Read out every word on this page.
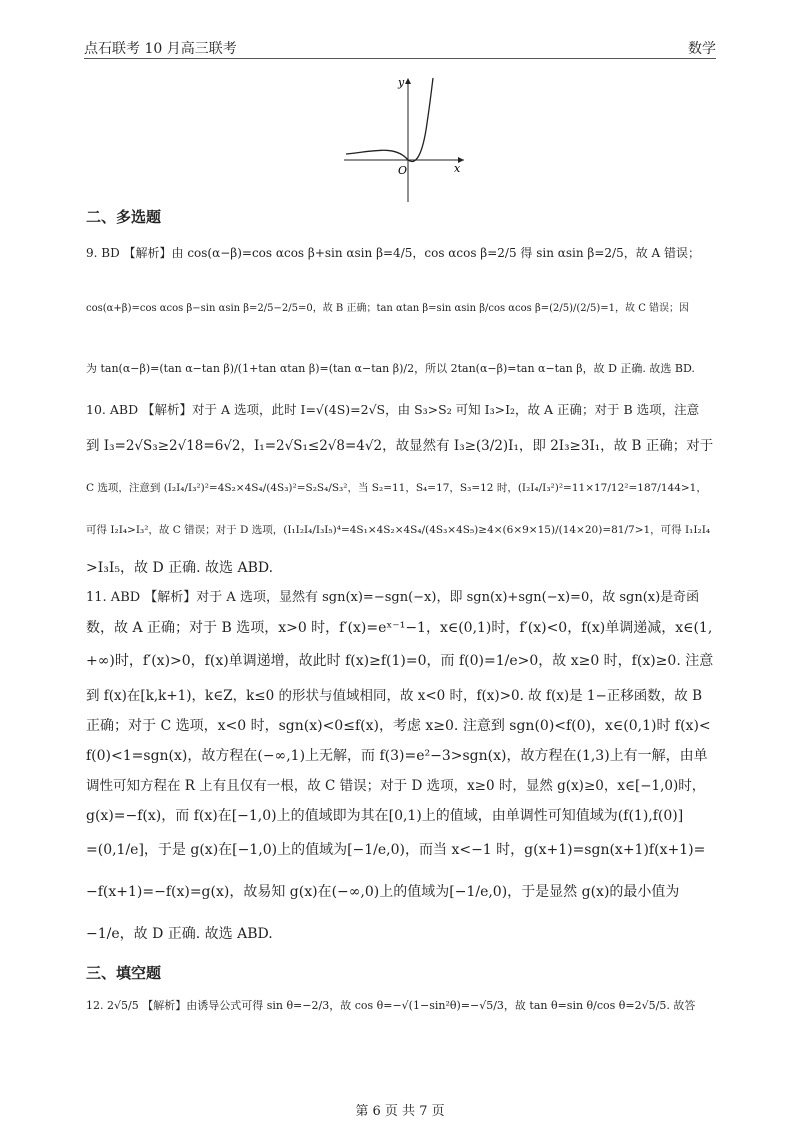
点石联考 10 月高三联考	数学
y
x
O
二、多选题
9. BD 【解析】由 cos(α−β)=cos αcos β+sin αsin β=4/5，cos αcos β=2/5 得 sin αsin β=2/5，故 A 错误；
cos(α+β)=cos αcos β−sin αsin β=2/5−2/5=0，故 B 正确；tan αtan β=sin αsin β/cos αcos β=(2/5)/(2/5)=1，故 C 错误；因
为 tan(α−β)=(tan α−tan β)/(1+tan αtan β)=(tan α−tan β)/2，所以 2tan(α−β)=tan α−tan β，故 D 正确. 故选 BD.
10. ABD 【解析】对于 A 选项，此时 I=√(4S)=2√S，由 S₃>S₂ 可知 I₃>I₂，故 A 正确；对于 B 选项，注意
到 I₃=2√S₃≥2√18=6√2，I₁=2√S₁≤2√8=4√2，故显然有 I₃≥(3/2)I₁，即 2I₃≥3I₁，故 B 正确；对于
C 选项，注意到 (I₂I₄/I₃²)²=4S₂×4S₄/(4S₃)²=S₂S₄/S₃²，当 S₂=11，S₄=17，S₃=12 时，(I₂I₄/I₃²)²=11×17/12²=187/144>1，
可得 I₂I₄>I₃²，故 C 错误；对于 D 选项，(I₁I₂I₄/I₃I₅)⁴=4S₁×4S₂×4S₄/(4S₃×4S₅)≥4×(6×9×15)/(14×20)=81/7>1，可得 I₁I₂I₄
>I₃I₅，故 D 正确. 故选 ABD.
11. ABD 【解析】对于 A 选项，显然有 sgn(x)=−sgn(−x)，即 sgn(x)+sgn(−x)=0，故 sgn(x)是奇函
数，故 A 正确；对于 B 选项，x>0 时，f′(x)=eˣ⁻¹−1，x∈(0,1)时，f′(x)<0，f(x)单调递减，x∈(1,
+∞)时，f′(x)>0，f(x)单调递增，故此时 f(x)≥f(1)=0，而 f(0)=1/e>0，故 x≥0 时，f(x)≥0. 注意
到 f(x)在[k,k+1)，k∈Z，k≤0 的形状与值域相同，故 x<0 时，f(x)>0. 故 f(x)是 1−正移函数，故 B
正确；对于 C 选项，x<0 时，sgn(x)<0≤f(x)，考虑 x≥0. 注意到 sgn(0)<f(0)，x∈(0,1)时 f(x)<
f(0)<1=sgn(x)，故方程在(−∞,1)上无解，而 f(3)=e²−3>sgn(x)，故方程在(1,3)上有一解，由单
调性可知方程在 R 上有且仅有一根，故 C 错误；对于 D 选项，x≥0 时，显然 g(x)≥0，x∈[−1,0)时，
g(x)=−f(x)，而 f(x)在[−1,0)上的值域即为其在[0,1)上的值域，由单调性可知值域为(f(1),f(0)]
=(0,1/e]，于是 g(x)在[−1,0)上的值域为[−1/e,0)，而当 x<−1 时，g(x+1)=sgn(x+1)f(x+1)=
−f(x+1)=−f(x)=g(x)，故易知 g(x)在(−∞,0)上的值域为[−1/e,0)，于是显然 g(x)的最小值为
−1/e，故 D 正确. 故选 ABD.
三、填空题
12. 2√5/5 【解析】由诱导公式可得 sin θ=−2/3，故 cos θ=−√(1−sin²θ)=−√5/3，故 tan θ=sin θ/cos θ=2√5/5. 故答
第 6 页 共 7 页
